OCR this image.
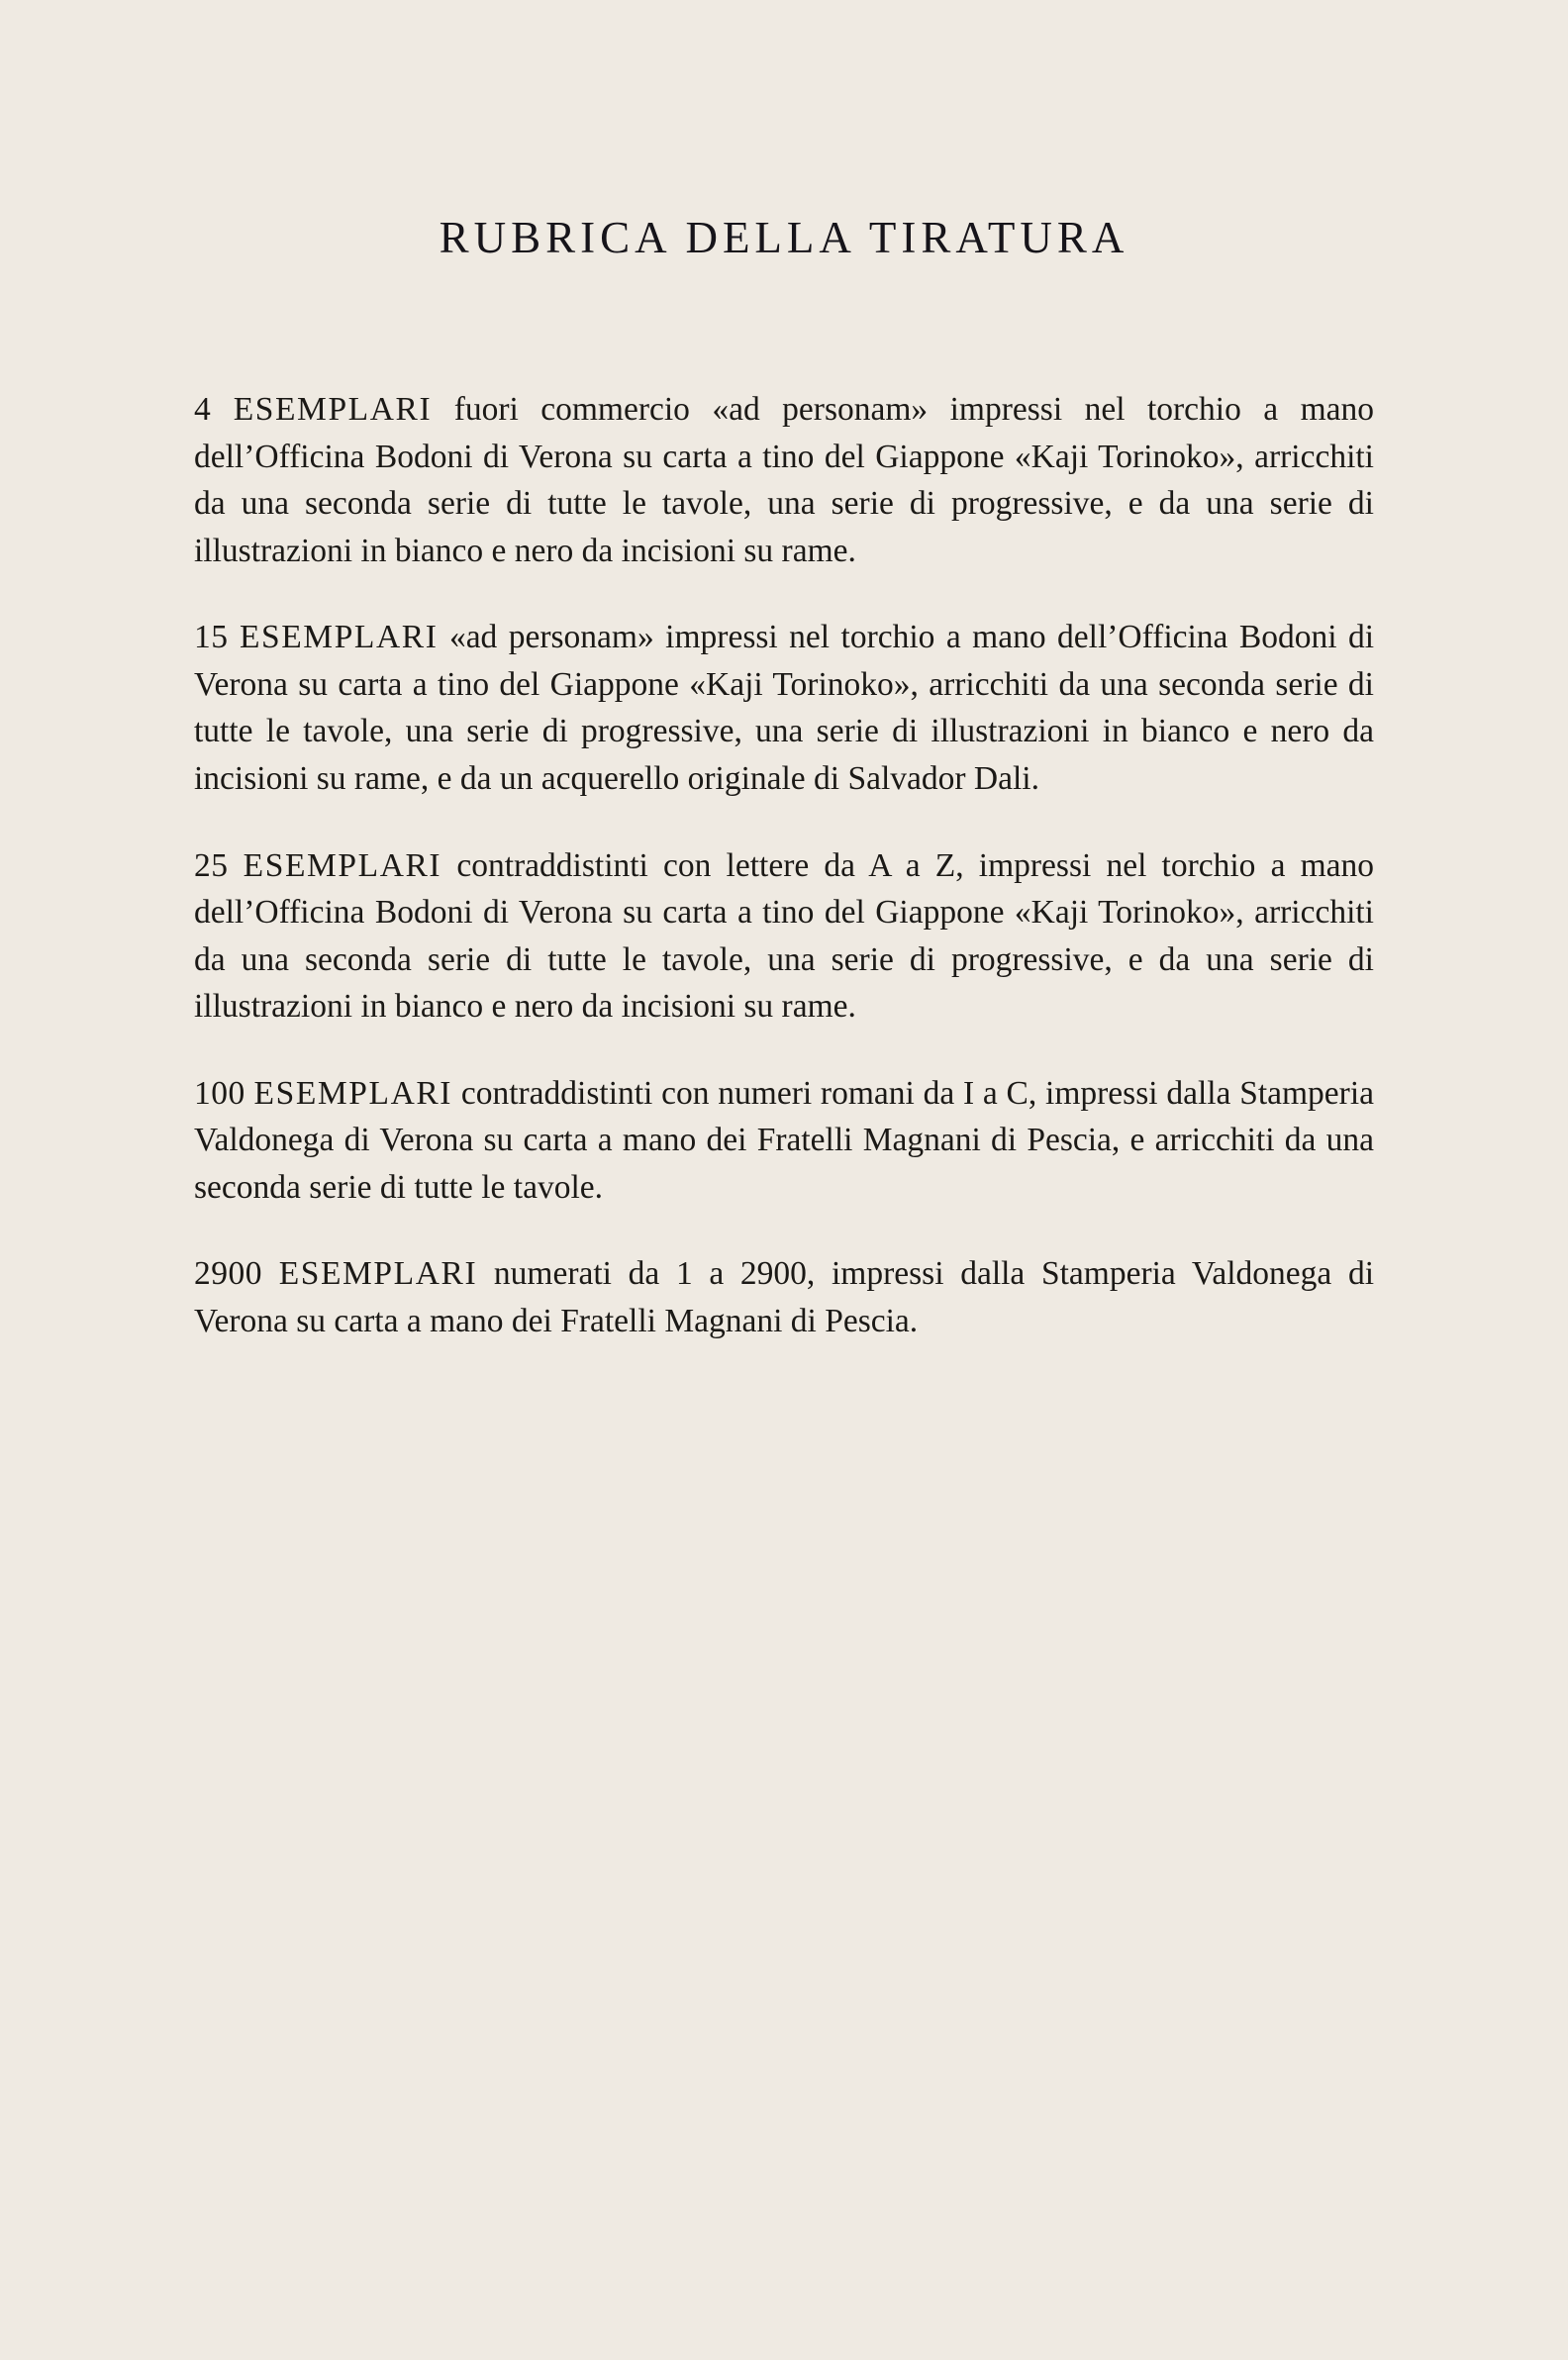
RUBRICA DELLA TIRATURA

4 ESEMPLARI fuori commercio «ad personam» impressi nel torchio a mano dell’Officina Bodoni di Verona su carta a tino del Giappone «Kaji Torinoko», arricchiti da una seconda serie di tutte le tavole, una serie di progressive, e da una serie di illustrazioni in bianco e nero da incisioni su rame.

15 ESEMPLARI «ad personam» impressi nel torchio a mano dell’Officina Bodoni di Verona su carta a tino del Giappone «Kaji Torinoko», arricchiti da una seconda serie di tutte le tavole, una serie di progressive, una serie di illustrazioni in bianco e nero da incisioni su rame, e da un acquerello originale di Salvador Dali.

25 ESEMPLARI contraddistinti con lettere da A a Z, impressi nel torchio a mano dell’Officina Bodoni di Verona su carta a tino del Giappone «Kaji Torinoko», arricchiti da una seconda serie di tutte le tavole, una serie di progressive, e da una serie di illustrazioni in bianco e nero da incisioni su rame.

100 ESEMPLARI contraddistinti con numeri romani da I a C, impressi dalla Stamperia Valdonega di Verona su carta a mano dei Fratelli Magnani di Pescia, e arricchiti da una seconda serie di tutte le tavole.

2900 ESEMPLARI numerati da 1 a 2900, impressi dalla Stamperia Valdonega di Verona su carta a mano dei Fratelli Magnani di Pescia.
